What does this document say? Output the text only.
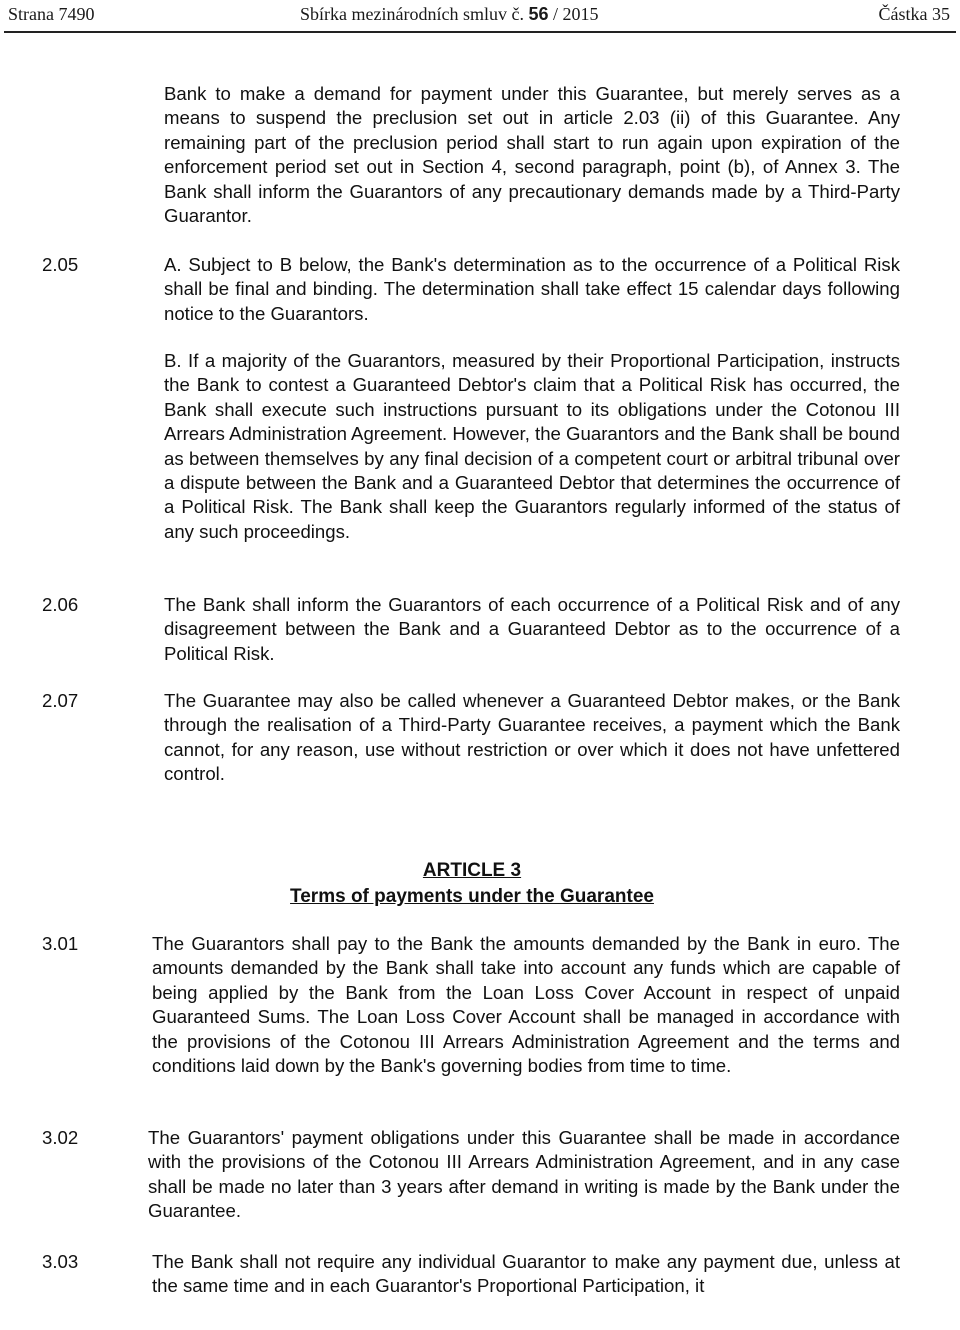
Strana 7490	Sbírka mezinárodních smluv č. 56 / 2015	Částka 35

Bank to make a demand for payment under this Guarantee, but merely serves as a means to suspend the preclusion set out in article 2.03 (ii) of this Guarantee. Any remaining part of the preclusion period shall start to run again upon expiration of the enforcement period set out in Section 4, second paragraph, point (b), of Annex 3. The Bank shall inform the Guarantors of any precautionary demands made by a Third-Party Guarantor.

2.05	A. Subject to B below, the Bank's determination as to the occurrence of a Political Risk shall be final and binding. The determination shall take effect 15 calendar days following notice to the Guarantors.

B. If a majority of the Guarantors, measured by their Proportional Participation, instructs the Bank to contest a Guaranteed Debtor's claim that a Political Risk has occurred, the Bank shall execute such instructions pursuant to its obligations under the Cotonou III Arrears Administration Agreement. However, the Guarantors and the Bank shall be bound as between themselves by any final decision of a competent court or arbitral tribunal over a dispute between the Bank and a Guaranteed Debtor that determines the occurrence of a Political Risk. The Bank shall keep the Guarantors regularly informed of the status of any such proceedings.

2.06	The Bank shall inform the Guarantors of each occurrence of a Political Risk and of any disagreement between the Bank and a Guaranteed Debtor as to the occurrence of a Political Risk.

2.07	The Guarantee may also be called whenever a Guaranteed Debtor makes, or the Bank through the realisation of a Third-Party Guarantee receives, a payment which the Bank cannot, for any reason, use without restriction or over which it does not have unfettered control.

ARTICLE 3
Terms of payments under the Guarantee
3.01	The Guarantors shall pay to the Bank the amounts demanded by the Bank in euro. The amounts demanded by the Bank shall take into account any funds which are capable of being applied by the Bank from the Loan Loss Cover Account in respect of unpaid Guaranteed Sums. The Loan Loss Cover Account shall be managed in accordance with the provisions of the Cotonou III Arrears Administration Agreement and the terms and conditions laid down by the Bank's governing bodies from time to time.

3.02	The Guarantors' payment obligations under this Guarantee shall be made in accordance with the provisions of the Cotonou III Arrears Administration Agreement, and in any case shall be made no later than 3 years after demand in writing is made by the Bank under the Guarantee.

3.03	The Bank shall not require any individual Guarantor to make any payment due, unless at the same time and in each Guarantor's Proportional Participation, it
